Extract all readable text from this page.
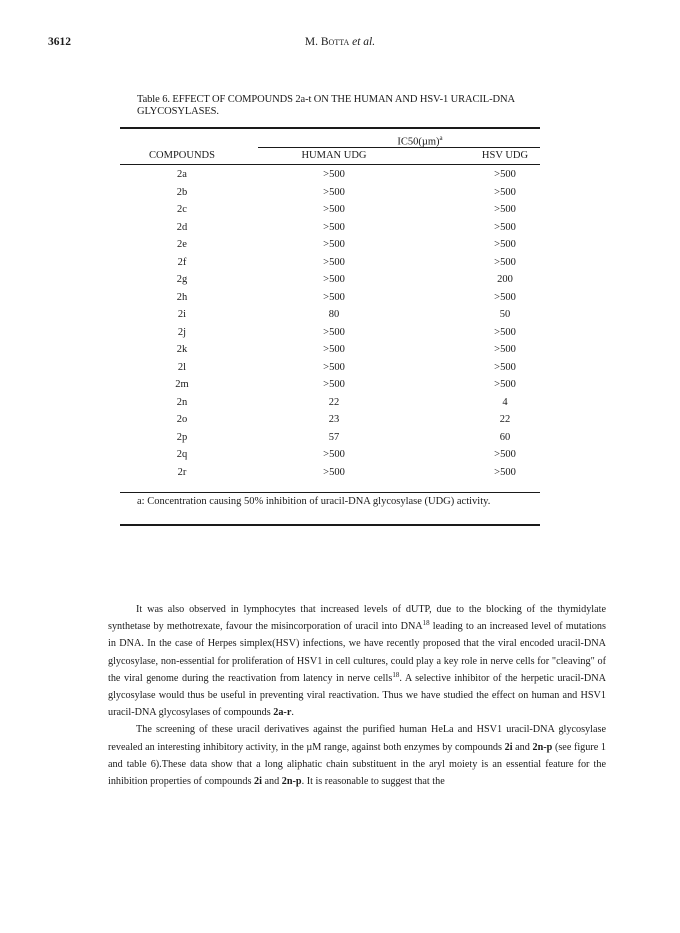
3612	M. Botta et al.
Table 6. EFFECT OF COMPOUNDS 2a-t ON THE HUMAN AND HSV-1 URACIL-DNA GLYCOSYLASES.
$IC50(\mu m)^a$
COMPOUNDS	HUMAN UDG	HSV UDG
2a	>500	>500
2b	>500	>500
2c	>500	>500
2d	>500	>500
2e	>500	>500
2f	>500	>500
2g	>500	200
2h	>500	>500
2i	80	50
2j	>500	>500
2k	>500	>500
2l	>500	>500
2m	>500	>500
2n	22	4
2o	23	22
2p	57	60
2q	>500	>500
2r	>500	>500
a: Concentration causing 50% inhibition of uracil-DNA glycosylase (UDG) activity.

It was also observed in lymphocytes that increased levels of dUTP, due to the blocking of the thymidylate synthetase by methotrexate, favour the misincorporation of uracil into DNA$^{18}$ leading to an increased level of mutations in DNA. In the case of Herpes simplex(HSV) infections, we have recently proposed that the viral encoded uracil-DNA glycosylase, non-essential for proliferation of HSV1 in cell cultures, could play a key role in nerve cells for "cleaving" of the viral genome during the reactivation from latency in nerve cells$^{18}$. A selective inhibitor of the herpetic uracil-DNA glycosylase would thus be useful in preventing viral reactivation. Thus we have studied the effect on human and HSV1 uracil-DNA glycosylases of compounds 2a-r.

The screening of these uracil derivatives against the purified human HeLa and HSV1 uracil-DNA glycosylase revealed an interesting inhibitory activity, in the µM range, against both enzymes by compounds 2i and 2n-p (see figure 1 and table 6).These data show that a long aliphatic chain substituent in the aryl moiety is an essential feature for the inhibition properties of compounds 2i and 2n-p. It is reasonable to suggest that the
